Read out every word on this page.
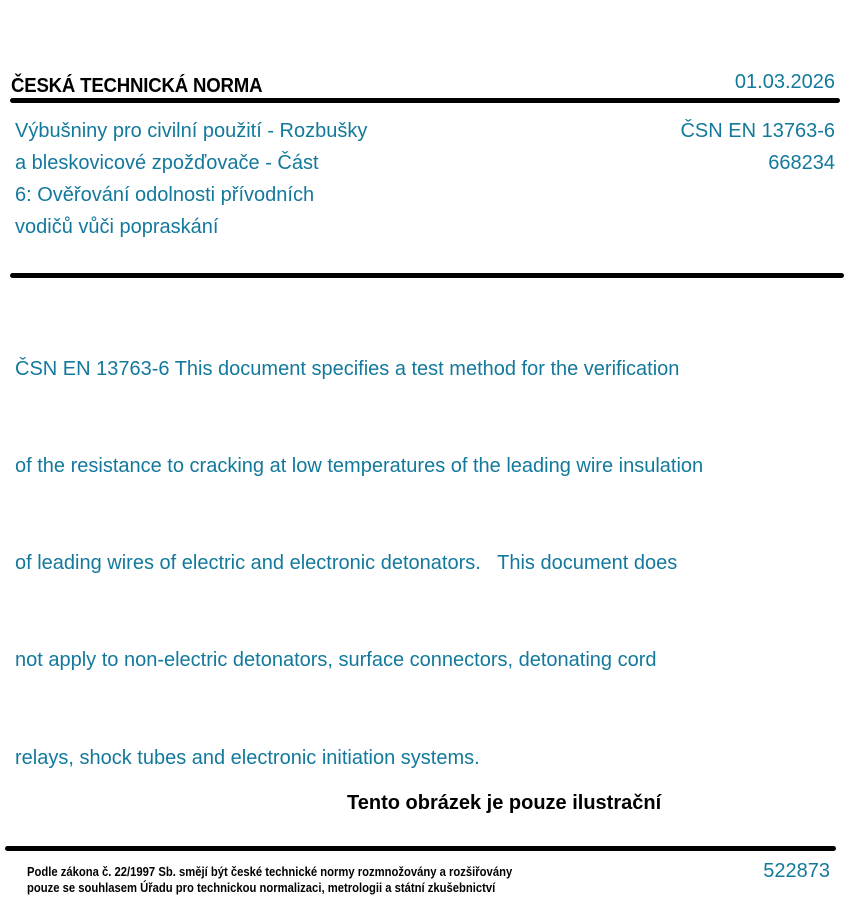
ČESKÁ TECHNICKÁ NORMA	01.03.2026
Výbušniny pro civilní použití - Rozbušky
a bleskovicové zpožďovače - Část
6: Ověřování odolnosti přívodních
vodičů vůči popraskání
ČSN EN 13763-6
668234

ČSN EN 13763-6 This document specifies a test method for the verification

of the resistance to cracking at low temperatures of the leading wire insulation

of leading wires of electric and electronic detonators.   This document does

not apply to non-electric detonators, surface connectors, detonating cord

relays, shock tubes and electronic initiation systems.

Tento obrázek je pouze ilustrační
Podle zákona č. 22/1997 Sb. smějí být české technické normy rozmnožovány a rozšiřovány
pouze se souhlasem Úřadu pro technickou normalizaci, metrologii a státní zkušebnictví
522873
